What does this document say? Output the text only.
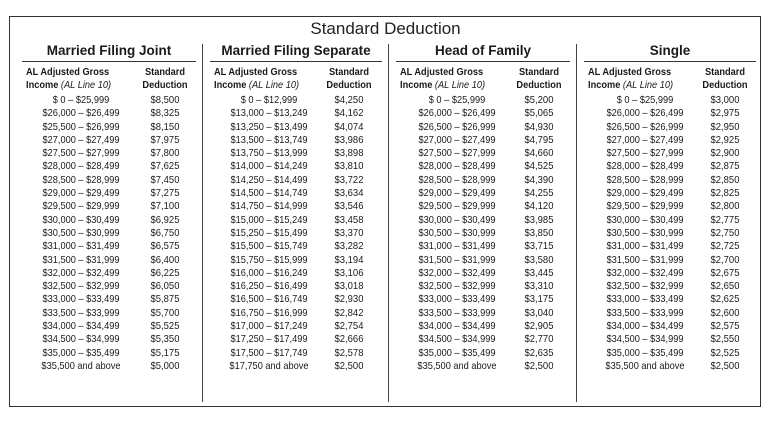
Standard Deduction
Married Filing Joint
AL Adjusted Gross
Income (AL Line 10)
Standard
Deduction
$ 0 – $25,999	$8,500
$26,000 – $26,499	$8,325
$25,500 – $26,999	$8,150
$27,000 – $27,499	$7,975
$27,500 – $27,999	$7,800
$28,000 – $28,499	$7,625
$28,500 – $28,999	$7,450
$29,000 – $29,499	$7,275
$29,500 – $29,999	$7,100
$30,000 – $30,499	$6,925
$30,500 – $30,999	$6,750
$31,000 – $31,499	$6,575
$31,500 – $31,999	$6,400
$32,000 – $32,499	$6,225
$32,500 – $32,999	$6,050
$33,000 – $33,499	$5,875
$33,500 – $33,999	$5,700
$34,000 – $34,499	$5,525
$34,500 – $34,999	$5,350
$35,000 – $35,499	$5,175
$35,500 and above	$5,000
Married Filing Separate
AL Adjusted Gross
Income (AL Line 10)
Standard
Deduction
$ 0 – $12,999	$4,250
$13,000 – $13,249	$4,162
$13,250 – $13,499	$4,074
$13,500 – $13,749	$3,986
$13,750 – $13,999	$3,898
$14,000 – $14,249	$3,810
$14,250 – $14,499	$3,722
$14,500 – $14,749	$3,634
$14,750 – $14,999	$3,546
$15,000 – $15,249	$3,458
$15,250 – $15,499	$3,370
$15,500 – $15,749	$3,282
$15,750 – $15,999	$3,194
$16,000 – $16,249	$3,106
$16,250 – $16,499	$3,018
$16,500 – $16,749	$2,930
$16,750 – $16,999	$2,842
$17,000 – $17,249	$2,754
$17,250 – $17,499	$2,666
$17,500 – $17,749	$2,578
$17,750 and above	$2,500
Head of Family
AL Adjusted Gross
Income (AL Line 10)
Standard
Deduction
$ 0 – $25,999	$5,200
$26,000 – $26,499	$5,065
$26,500 – $26,999	$4,930
$27,000 – $27,499	$4,795
$27,500 – $27,999	$4,660
$28,000 – $28,499	$4,525
$28,500 – $28,999	$4,390
$29,000 – $29,499	$4,255
$29,500 – $29,999	$4,120
$30,000 – $30,499	$3,985
$30,500 – $30,999	$3,850
$31,000 – $31,499	$3,715
$31,500 – $31,999	$3,580
$32,000 – $32,499	$3,445
$32,500 – $32,999	$3,310
$33,000 – $33,499	$3,175
$33,500 – $33,999	$3,040
$34,000 – $34,499	$2,905
$34,500 – $34,999	$2,770
$35,000 – $35,499	$2,635
$35,500 and above	$2,500
Single
AL Adjusted Gross
Income (AL Line 10)
Standard
Deduction
$ 0 – $25,999	$3,000
$26,000 – $26,499	$2,975
$26,500 – $26,999	$2,950
$27,000 – $27,499	$2,925
$27,500 – $27,999	$2,900
$28,000 – $28,499	$2,875
$28,500 – $28,999	$2,850
$29,000 – $29,499	$2,825
$29,500 – $29,999	$2,800
$30,000 – $30,499	$2,775
$30,500 – $30,999	$2,750
$31,000 – $31,499	$2,725
$31,500 – $31,999	$2,700
$32,000 – $32,499	$2,675
$32,500 – $32,999	$2,650
$33,000 – $33,499	$2,625
$33,500 – $33,999	$2,600
$34,000 – $34,499	$2,575
$34,500 – $34,999	$2,550
$35,000 – $35,499	$2,525
$35,500 and above	$2,500
